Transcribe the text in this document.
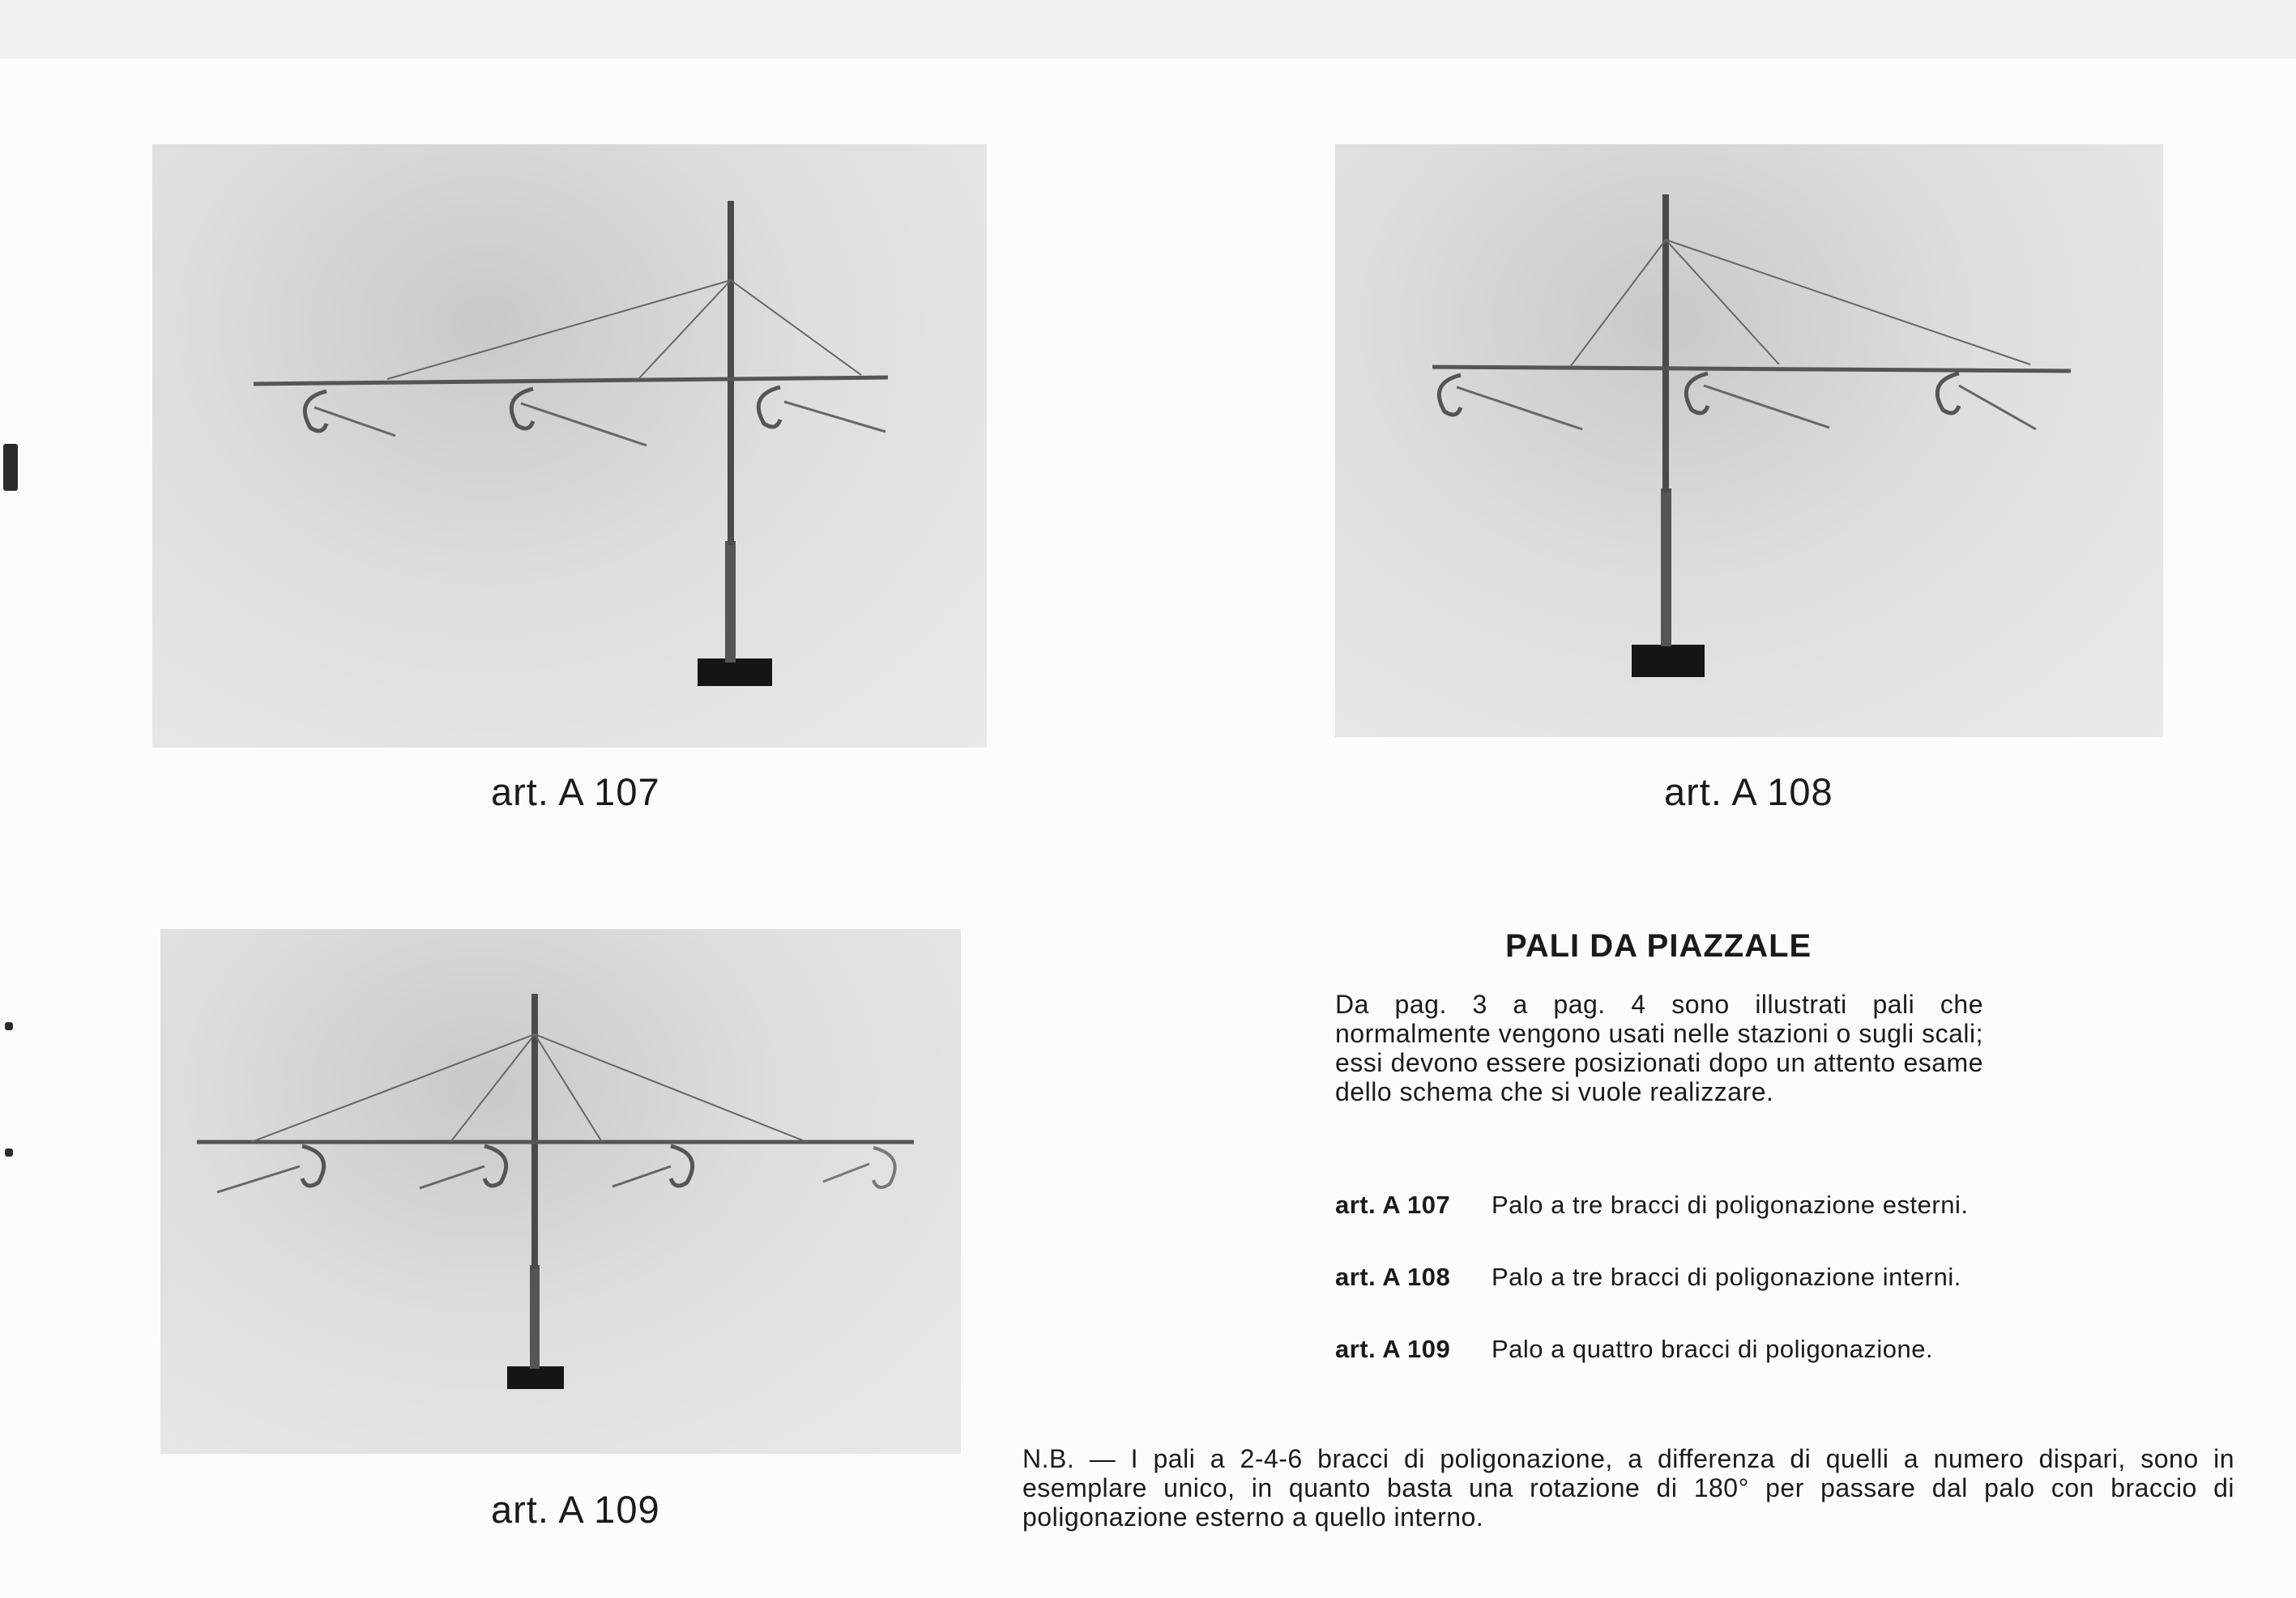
art. A 107	art. A 108
art. A 109
PALI DA PIAZZALE
Da pag. 3 a pag. 4 sono illustrati pali che normalmente vengono usati nelle stazioni o sugli scali; essi devono essere posizionati dopo un attento esame dello schema che si vuole realizzare.
art. A 107 Palo a tre bracci di poligonazione esterni.
art. A 108 Palo a tre bracci di poligonazione interni.
art. A 109 Palo a quattro bracci di poligonazione.
N.B. — I pali a 2-4-6 bracci di poligonazione, a differenza di quelli a numero dispari, sono in esemplare unico, in quanto basta una rotazione di 180° per passare dal palo con braccio di poligonazione esterno a quello interno.
